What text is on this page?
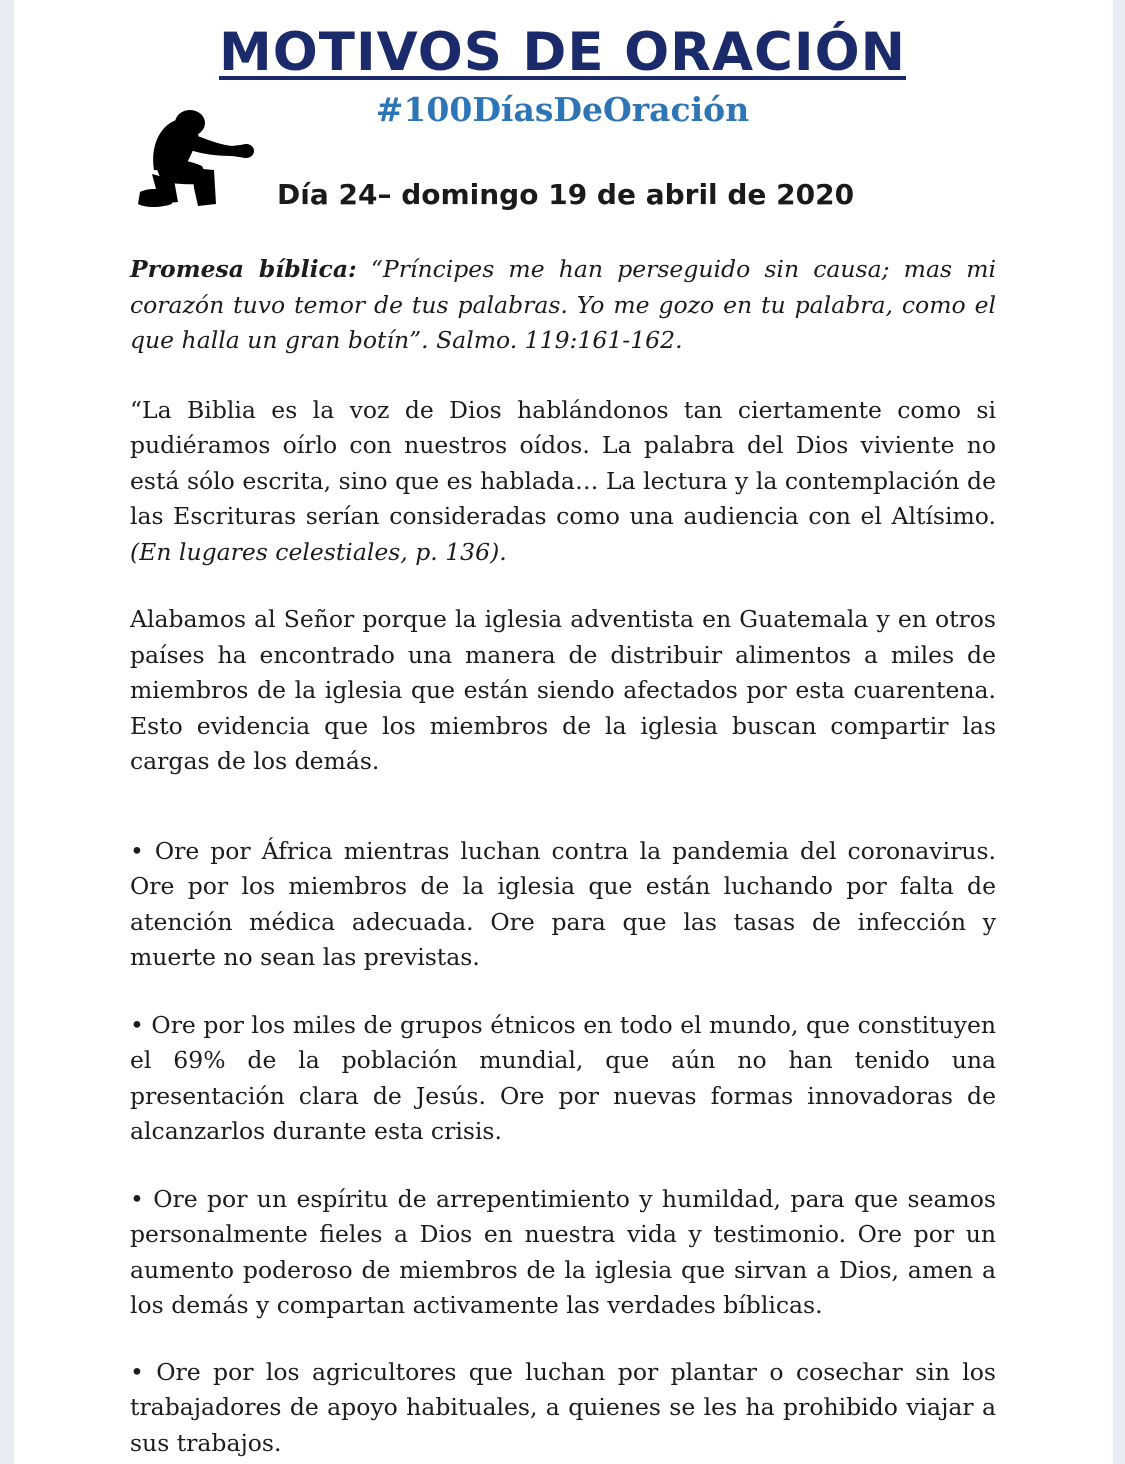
MOTIVOS DE ORACIÓN
#100DíasDeOración
Día 24– domingo 19 de abril de 2020

Promesa bíblica: “Príncipes me han perseguido sin causa; mas mi corazón tuvo temor de tus palabras. Yo me gozo en tu palabra, como el que halla un gran botín”. Salmo. 119:161-162.

“La Biblia es la voz de Dios hablándonos tan ciertamente como si pudiéramos oírlo con nuestros oídos. La palabra del Dios viviente no está sólo escrita, sino que es hablada… La lectura y la contemplación de las Escrituras serían consideradas como una audiencia con el Altísimo. (En lugares celestiales, p. 136).

Alabamos al Señor porque la iglesia adventista en Guatemala y en otros países ha encontrado una manera de distribuir alimentos a miles de miembros de la iglesia que están siendo afectados por esta cuarentena. Esto evidencia que los miembros de la iglesia buscan compartir las cargas de los demás.

• Ore por África mientras luchan contra la pandemia del coronavirus. Ore por los miembros de la iglesia que están luchando por falta de atención médica adecuada. Ore para que las tasas de infección y muerte no sean las previstas.

• Ore por los miles de grupos étnicos en todo el mundo, que constituyen el 69% de la población mundial, que aún no han tenido una presentación clara de Jesús. Ore por nuevas formas innovadoras de alcanzarlos durante esta crisis.

• Ore por un espíritu de arrepentimiento y humildad, para que seamos personalmente fieles a Dios en nuestra vida y testimonio. Ore por un aumento poderoso de miembros de la iglesia que sirvan a Dios, amen a los demás y compartan activamente las verdades bíblicas.

• Ore por los agricultores que luchan por plantar o cosechar sin los trabajadores de apoyo habituales, a quienes se les ha prohibido viajar a sus trabajos.
